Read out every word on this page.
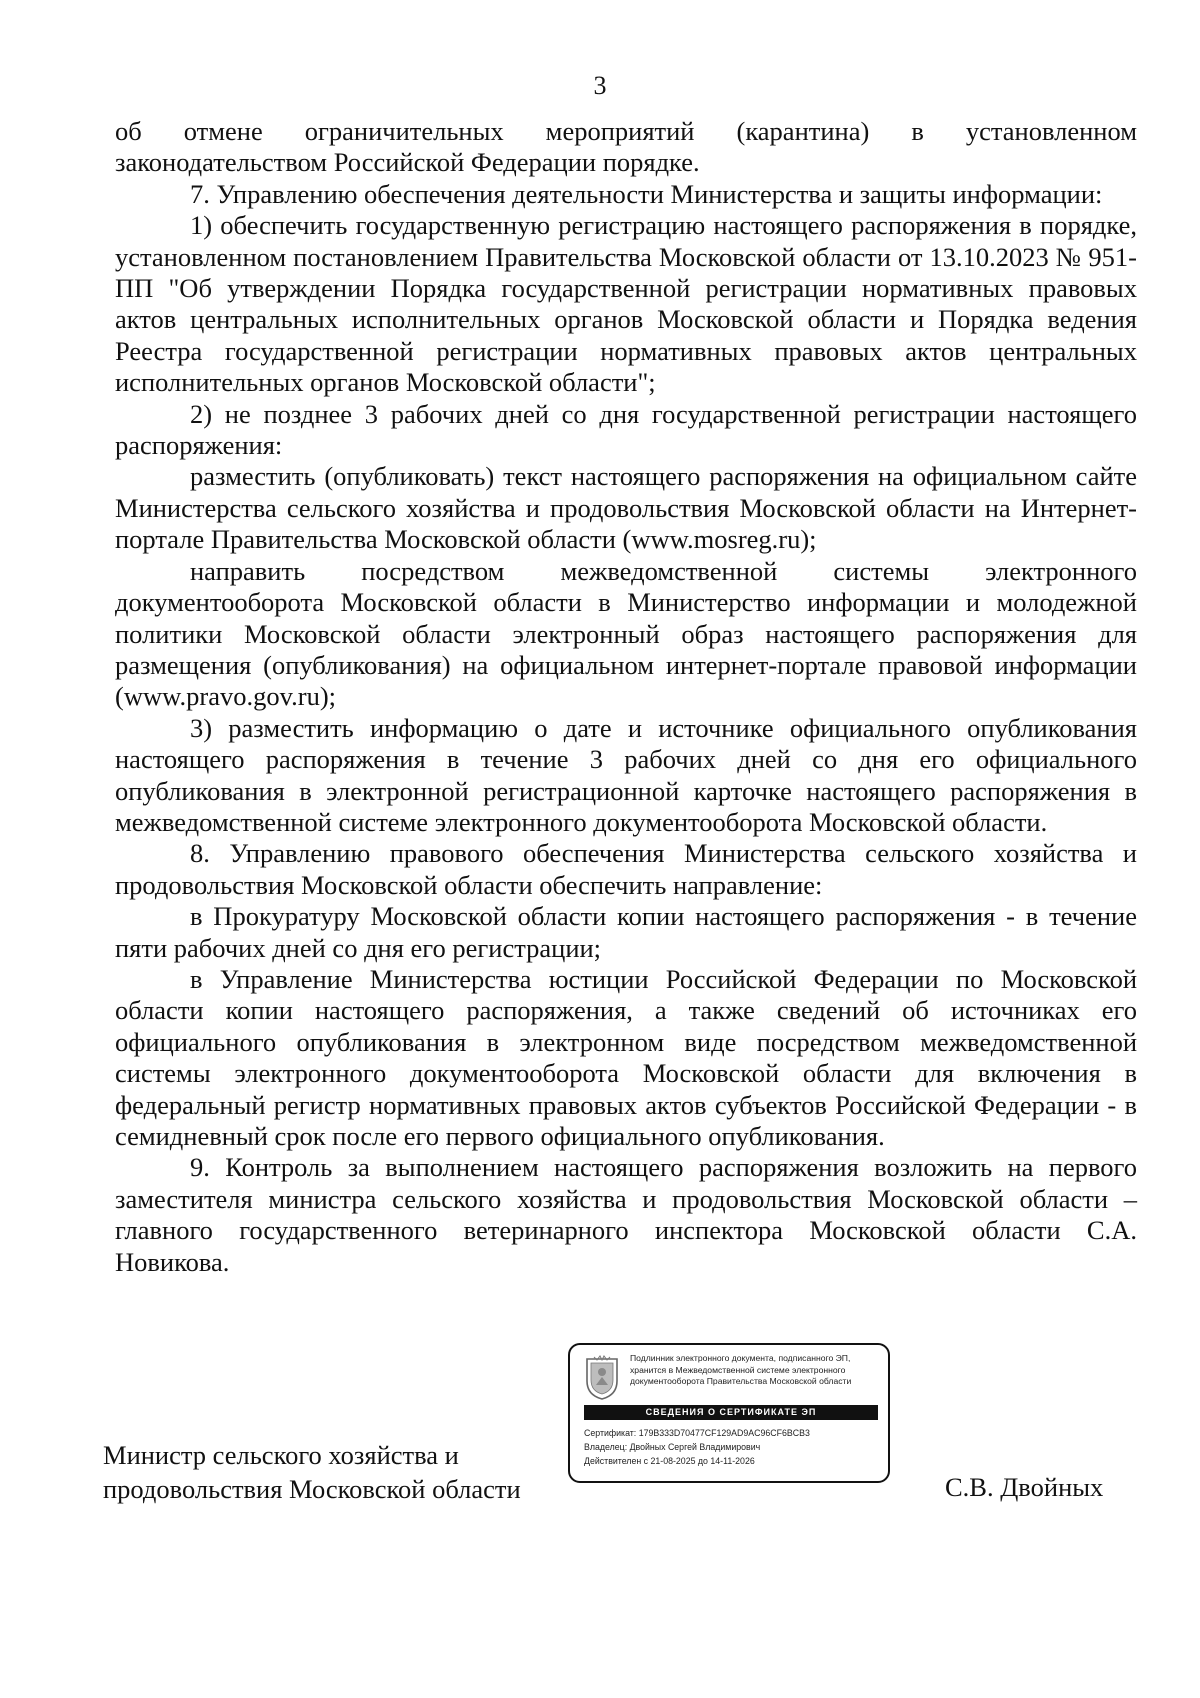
3

об отмене ограничительных мероприятий (карантина) в установленном законодательством Российской Федерации порядке.

7. Управлению обеспечения деятельности Министерства и защиты информации:

1) обеспечить государственную регистрацию настоящего распоряжения в порядке, установленном постановлением Правительства Московской области от 13.10.2023 № 951-ПП "Об утверждении Порядка государственной регистрации нормативных правовых актов центральных исполнительных органов Московской области и Порядка ведения Реестра государственной регистрации нормативных правовых актов центральных исполнительных органов Московской области";

2) не позднее 3 рабочих дней со дня государственной регистрации настоящего распоряжения:

разместить (опубликовать) текст настоящего распоряжения на официальном сайте Министерства сельского хозяйства и продовольствия Московской области на Интернет-портале Правительства Московской области (www.mosreg.ru);

направить посредством межведомственной системы электронного документооборота Московской области в Министерство информации и молодежной политики Московской области электронный образ настоящего распоряжения для размещения (опубликования) на официальном интернет-портале правовой информации (www.pravo.gov.ru);

3) разместить информацию о дате и источнике официального опубликования настоящего распоряжения в течение 3 рабочих дней со дня его официального опубликования в электронной регистрационной карточке настоящего распоряжения в межведомственной системе электронного документооборота Московской области.

8. Управлению правового обеспечения Министерства сельского хозяйства и продовольствия Московской области обеспечить направление:

в Прокуратуру Московской области копии настоящего распоряжения - в течение пяти рабочих дней со дня его регистрации;

в Управление Министерства юстиции Российской Федерации по Московской области копии настоящего распоряжения, а также сведений об источниках его официального опубликования в электронном виде посредством межведомственной системы электронного документооборота Московской области для включения в федеральный регистр нормативных правовых актов субъектов Российской Федерации - в семидневный срок после его первого официального опубликования.

9. Контроль за выполнением настоящего распоряжения возложить на первого заместителя министра сельского хозяйства и продовольствия Московской области – главного государственного ветеринарного инспектора Московской области С.А. Новикова.

Подлинник электронного документа, подписанного ЭП,
хранится в Межведомственной системе электронного
документооборота Правительства Московской области
СВЕДЕНИЯ О СЕРТИФИКАТЕ ЭП
Сертификат: 179B333D70477CF129AD9AC96CF6BCB3
Владелец: Двойных Сергей Владимирович
Действителен с 21-08-2025 до 14-11-2026
Министр сельского хозяйства и
продовольствия Московской области	С.В. Двойных
